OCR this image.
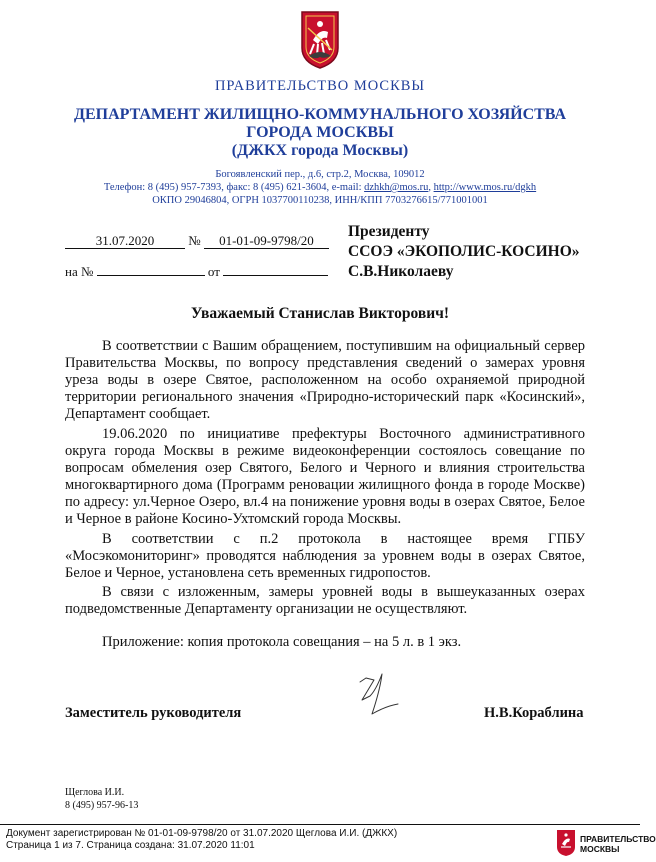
ПРАВИТЕЛЬСТВО МОСКВЫ
ДЕПАРТАМЕНТ ЖИЛИЩНО-КОММУНАЛЬНОГО ХОЗЯЙСТВА
ГОРОДА МОСКВЫ
(ДЖКХ города Москвы)
Богоявленский пер., д.6, стр.2, Москва, 109012
Телефон: 8 (495) 957-7393, факс: 8 (495) 621-3604, e-mail: dzhkh@mos.ru, http://www.mos.ru/dgkh
ОКПО 29046804, ОГРН 1037700110238, ИНН/КПП 7703276615/771001001
31.07.2020	№ 01-01-09-9798/20
на №	от
Президенту
ССОЭ «ЭКОПОЛИС-КОСИНО»
С.В.Николаеву
Уважаемый Станислав Викторович!
В соответствии с Вашим обращением, поступившим на официальный сервер Правительства Москвы, по вопросу представления сведений о замерах уровня уреза воды в озере Святое, расположенном на особо охраняемой природной территории регионального значения «Природно-исторический парк «Косинский», Департамент сообщает.
19.06.2020 по инициативе префектуры Восточного административного округа города Москвы в режиме видеоконференции состоялось совещание по вопросам обмеления озер Святого, Белого и Черного и влияния строительства многоквартирного дома (Программ реновации жилищного фонда в городе Москве) по адресу: ул.Черное Озеро, вл.4 на понижение уровня воды в озерах Святое, Белое и Черное в районе Косино-Ухтомский города Москвы.
В соответствии с п.2 протокола в настоящее время ГПБУ «Мосэкомониторинг» проводятся наблюдения за уровнем воды в озерах Святое, Белое и Черное, установлена сеть временных гидропостов.
В связи с изложенным, замеры уровней воды в вышеуказанных озерах подведомственные Департаменту организации не осуществляют.
Приложение: копия протокола совещания – на 5 л. в 1 экз.
Заместитель руководителя	Н.В.Кораблина
Щеглова И.И.
8 (495) 957-96-13
Документ зарегистрирован № 01-01-09-9798/20 от 31.07.2020 Щеглова И.И. (ДЖКХ)
Страница 1 из 7. Страница создана: 31.07.2020 11:01
ПРАВИТЕЛЬСТВО
МОСКВЫ
